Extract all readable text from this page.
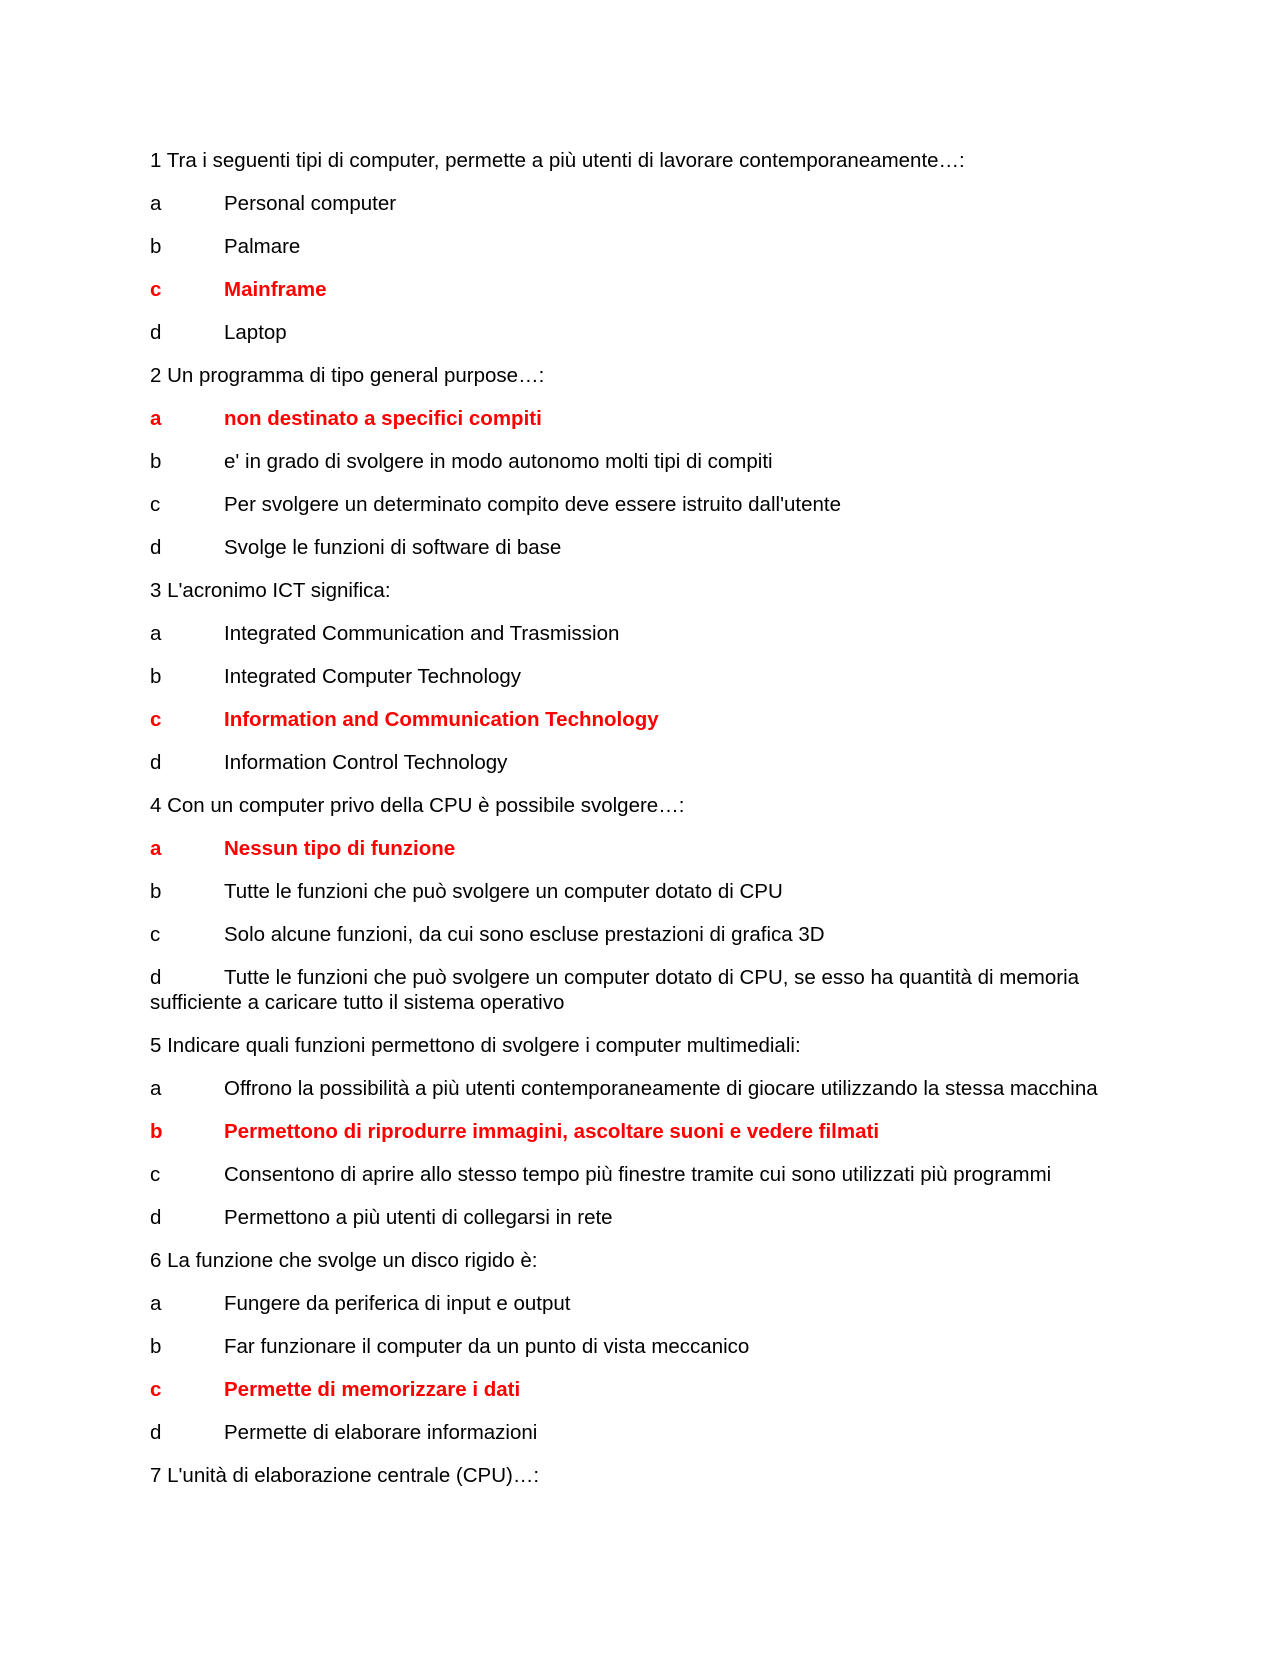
1 Tra i seguenti tipi di computer, permette a più utenti di lavorare contemporaneamente…:
a	Personal computer
b	Palmare
c	Mainframe
d	Laptop
2 Un programma di tipo general purpose…:
a	non destinato a specifici compiti
b	e' in grado di svolgere in modo autonomo molti tipi di compiti
c	Per svolgere un determinato compito deve essere istruito dall'utente
d	Svolge le funzioni di software di base
3 L'acronimo ICT significa:
a	Integrated Communication and Trasmission
b	Integrated Computer Technology
c	Information and Communication Technology
d	Information Control Technology
4 Con un computer privo della CPU è possibile svolgere…:
a	Nessun tipo di funzione
b	Tutte le funzioni che può svolgere un computer dotato di CPU
c	Solo alcune funzioni, da cui sono escluse prestazioni di grafica 3D
d	Tutte le funzioni che può svolgere un computer dotato di CPU, se esso ha quantità di memoria sufficiente a caricare tutto il sistema operativo
5 Indicare quali funzioni permettono di svolgere i computer multimediali:
a	Offrono la possibilità a più utenti contemporaneamente di giocare utilizzando la stessa macchina
b	Permettono di riprodurre immagini, ascoltare suoni e vedere filmati
c	Consentono di aprire allo stesso tempo più finestre tramite cui sono utilizzati più programmi
d	Permettono a più utenti di collegarsi in rete
6 La funzione che svolge un disco rigido è:
a	Fungere da periferica di input e output
b	Far funzionare il computer da un punto di vista meccanico
c	Permette di memorizzare i dati
d	Permette di elaborare informazioni
7 L'unità di elaborazione centrale (CPU)…:
